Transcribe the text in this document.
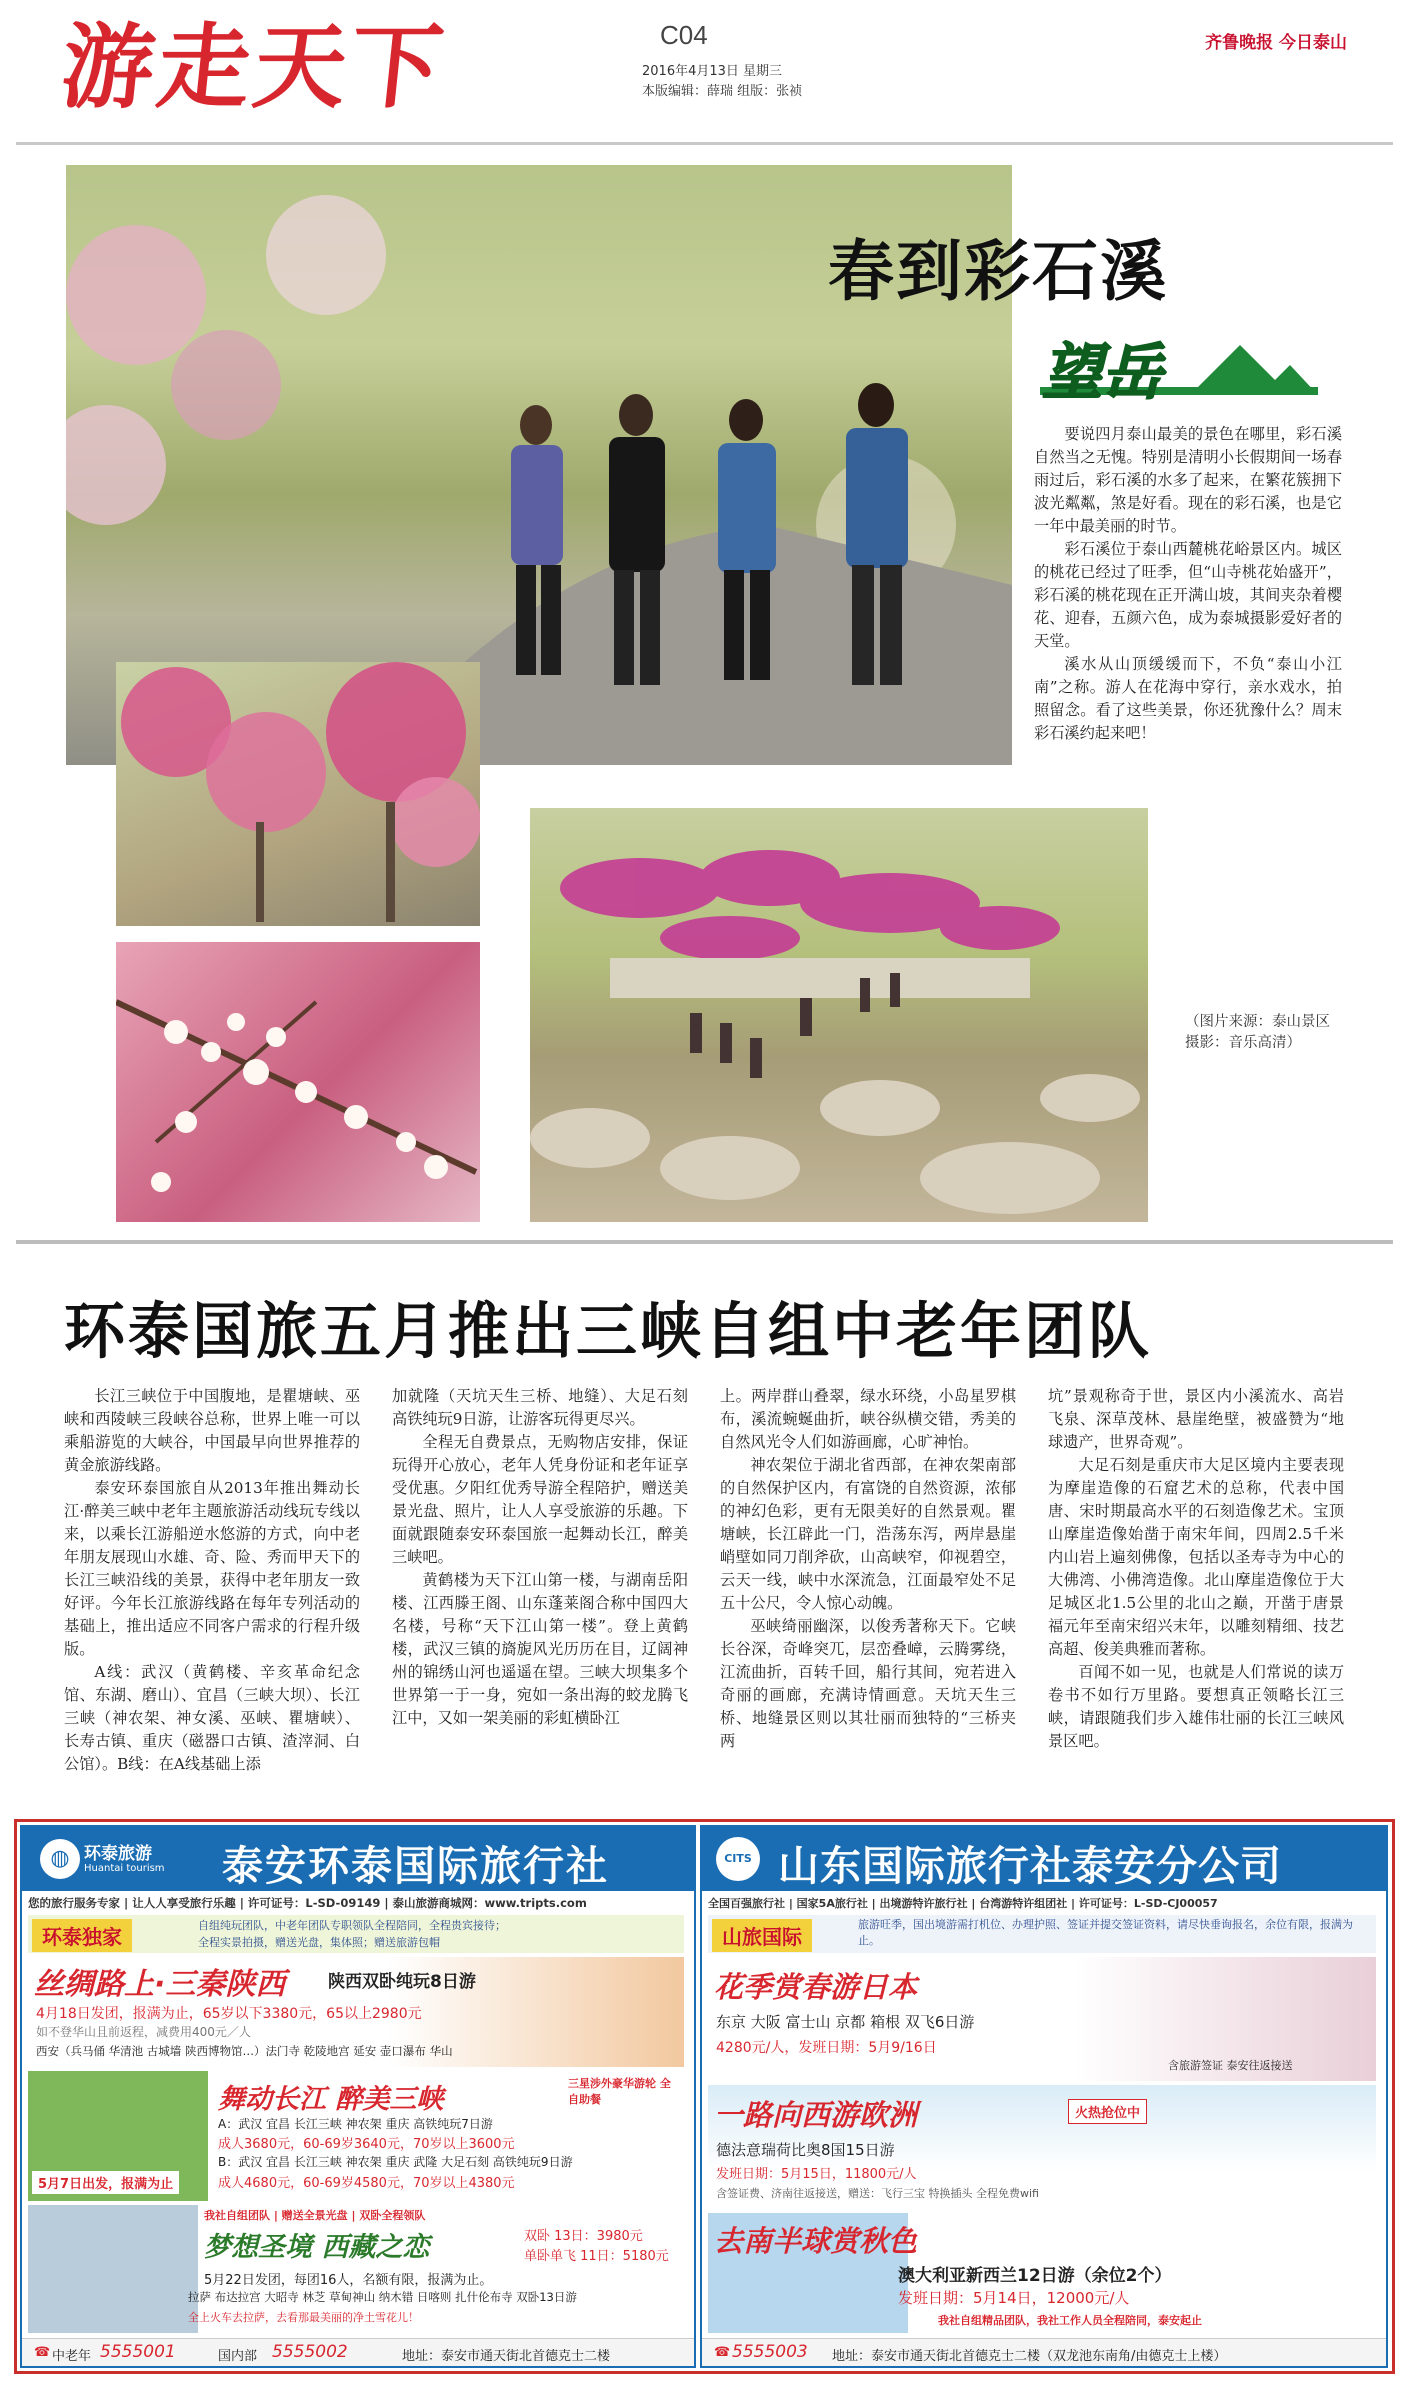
游走天下	C04
2016年4月13日 星期三
本版编辑：薛瑞 组版：张祯
齐鲁晚报 今日泰山
春到彩石溪
望岳

要说四月泰山最美的景色在哪里，彩石溪自然当之无愧。特别是清明小长假期间一场春雨过后，彩石溪的水多了起来，在繁花簇拥下波光粼粼，煞是好看。现在的彩石溪，也是它一年中最美丽的时节。

彩石溪位于泰山西麓桃花峪景区内。城区的桃花已经过了旺季，但“山寺桃花始盛开”，彩石溪的桃花现在正开满山坡，其间夹杂着樱花、迎春，五颜六色，成为泰城摄影爱好者的天堂。

溪水从山顶缓缓而下，不负“泰山小江南”之称。游人在花海中穿行，亲水戏水，拍照留念。看了这些美景，你还犹豫什么？周末彩石溪约起来吧！

（图片来源：泰山景区 摄影：音乐高清）
环泰国旅五月推出三峡自组中老年团队

长江三峡位于中国腹地，是瞿塘峡、巫峡和西陵峡三段峡谷总称，世界上唯一可以乘船游览的大峡谷，中国最早向世界推荐的黄金旅游线路。

泰安环泰国旅自从2013年推出舞动长江·醉美三峡中老年主题旅游活动线玩专线以来，以乘长江游船逆水悠游的方式，向中老年朋友展现山水雄、奇、险、秀而甲天下的长江三峡沿线的美景，获得中老年朋友一致好评。今年长江旅游线路在每年专列活动的基础上，推出适应不同客户需求的行程升级版。

A线：武汉（黄鹤楼、辛亥革命纪念馆、东湖、磨山）、宜昌（三峡大坝）、长江三峡（神农架、神女溪、巫峡、瞿塘峡）、长寿古镇、重庆（磁器口古镇、渣滓洞、白公馆）。B线：在A线基础上添

加就隆（天坑天生三桥、地缝）、大足石刻高铁纯玩9日游，让游客玩得更尽兴。

全程无自费景点，无购物店安排，保证玩得开心放心，老年人凭身份证和老年证享受优惠。夕阳红优秀导游全程陪护，赠送美景光盘、照片，让人人享受旅游的乐趣。下面就跟随泰安环泰国旅一起舞动长江，醉美三峡吧。

黄鹤楼为天下江山第一楼，与湖南岳阳楼、江西滕王阁、山东蓬莱阁合称中国四大名楼，号称“天下江山第一楼”。登上黄鹤楼，武汉三镇的旖旎风光历历在目，辽阔神州的锦绣山河也遥遥在望。三峡大坝集多个世界第一于一身，宛如一条出海的蛟龙腾飞江中，又如一架美丽的彩虹横卧江

上。两岸群山叠翠，绿水环绕，小岛星罗棋布，溪流蜿蜒曲折，峡谷纵横交错，秀美的自然风光令人们如游画廊，心旷神怡。

神农架位于湖北省西部，在神农架南部的自然保护区内，有富饶的自然资源，浓郁的神幻色彩，更有无限美好的自然景观。瞿塘峡，长江辟此一门，浩荡东泻，两岸悬崖峭壁如同刀削斧砍，山高峡窄，仰视碧空，云天一线，峡中水深流急，江面最窄处不足五十公尺，令人惊心动魄。

巫峡绮丽幽深，以俊秀著称天下。它峡长谷深，奇峰突兀，层峦叠嶂，云腾雾绕，江流曲折，百转千回，船行其间，宛若进入奇丽的画廊，充满诗情画意。天坑天生三桥、地缝景区则以其壮丽而独特的“三桥夹两

坑”景观称奇于世，景区内小溪流水、高岩飞泉、深草茂林、悬崖绝壁，被盛赞为“地球遗产，世界奇观”。

大足石刻是重庆市大足区境内主要表现为摩崖造像的石窟艺术的总称，代表中国唐、宋时期最高水平的石刻造像艺术。宝顶山摩崖造像始凿于南宋年间，四周2.5千米内山岩上遍刻佛像，包括以圣寿寺为中心的大佛湾、小佛湾造像。北山摩崖造像位于大足城区北1.5公里的北山之巅，开凿于唐景福元年至南宋绍兴末年，以雕刻精细、技艺高超、俊美典雅而著称。

百闻不如一见，也就是人们常说的读万卷书不如行万里路。要想真正领略长江三峡，请跟随我们步入雄伟壮丽的长江三峡风景区吧。

◍ 环泰旅游
Huantai tourism 泰安环泰国际旅行社
您的旅行服务专家 | 让人人享受旅行乐趣 | 许可证号：L-SD-09149 | 泰山旅游商城网：www.tripts.com
环泰独家	自组纯玩团队，中老年团队专职领队全程陪同，全程贵宾接待；
全程实景拍摄，赠送光盘，集体照；赠送旅游包帽
丝绸路上·三秦陕西	陕西双卧纯玩8日游
4月18日发团，报满为止，65岁以下3380元，65以上2980元
如不登华山且前返程，减费用400元／人
西安（兵马俑 华清池 古城墙 陕西博物馆…）法门寺 乾陵地宫 延安 壶口瀑布 华山
舞动长江 醉美三峡
三星涉外豪华游轮 全自助餐
A：武汉 宜昌 长江三峡 神农架 重庆 高铁纯玩7日游
成人3680元，60-69岁3640元，70岁以上3600元
B：武汉 宜昌 长江三峡 神农架 重庆 武隆 大足石刻 高铁纯玩9日游
成人4680元，60-69岁4580元，70岁以上4380元
5月7日出发，报满为止
我社自组团队 | 赠送全景光盘 | 双卧全程领队
梦想圣境 西藏之恋	双卧 13日：3980元
单卧单飞 11日：5180元
5月22日发团，每团16人，名额有限，报满为止。
拉萨 布达拉宫 大昭寺 林芝 草甸神山 纳木错 日喀则 扎什伦布寺 双卧13日游
全上火车去拉萨，去看那最美丽的净土雪花儿！
☎ 中老年 5555001	国内部 5555002	地址：泰安市通天街北首德克士二楼
CITS 山东国际旅行社泰安分公司
全国百强旅行社 | 国家5A旅行社 | 出境游特许旅行社 | 台湾游特许组团社 | 许可证号：L-SD-CJ00057
山旅国际
旅游旺季，国出境游需打机位、办理护照、签证并提交签证资料，请尽快垂询报名，余位有限，报满为止。
花季赏春游日本
东京 大阪 富士山 京都 箱根 双飞6日游
4280元/人，发班日期：5月9/16日
含旅游签证 泰安往返接送
一路向西游欧洲	火热抢位中
德法意瑞荷比奥8国15日游
发班日期：5月15日，11800元/人
含签证费、济南往返接送，赠送：飞行三宝 特换插头 全程免费wifi
去南半球赏秋色
澳大利亚新西兰12日游（余位2个）
发班日期：5月14日，12000元/人
我社自组精品团队，我社工作人员全程陪同，泰安起止
☎ 5555003 地址：泰安市通天街北首德克士二楼（双龙池东南角/由德克士上楼）
